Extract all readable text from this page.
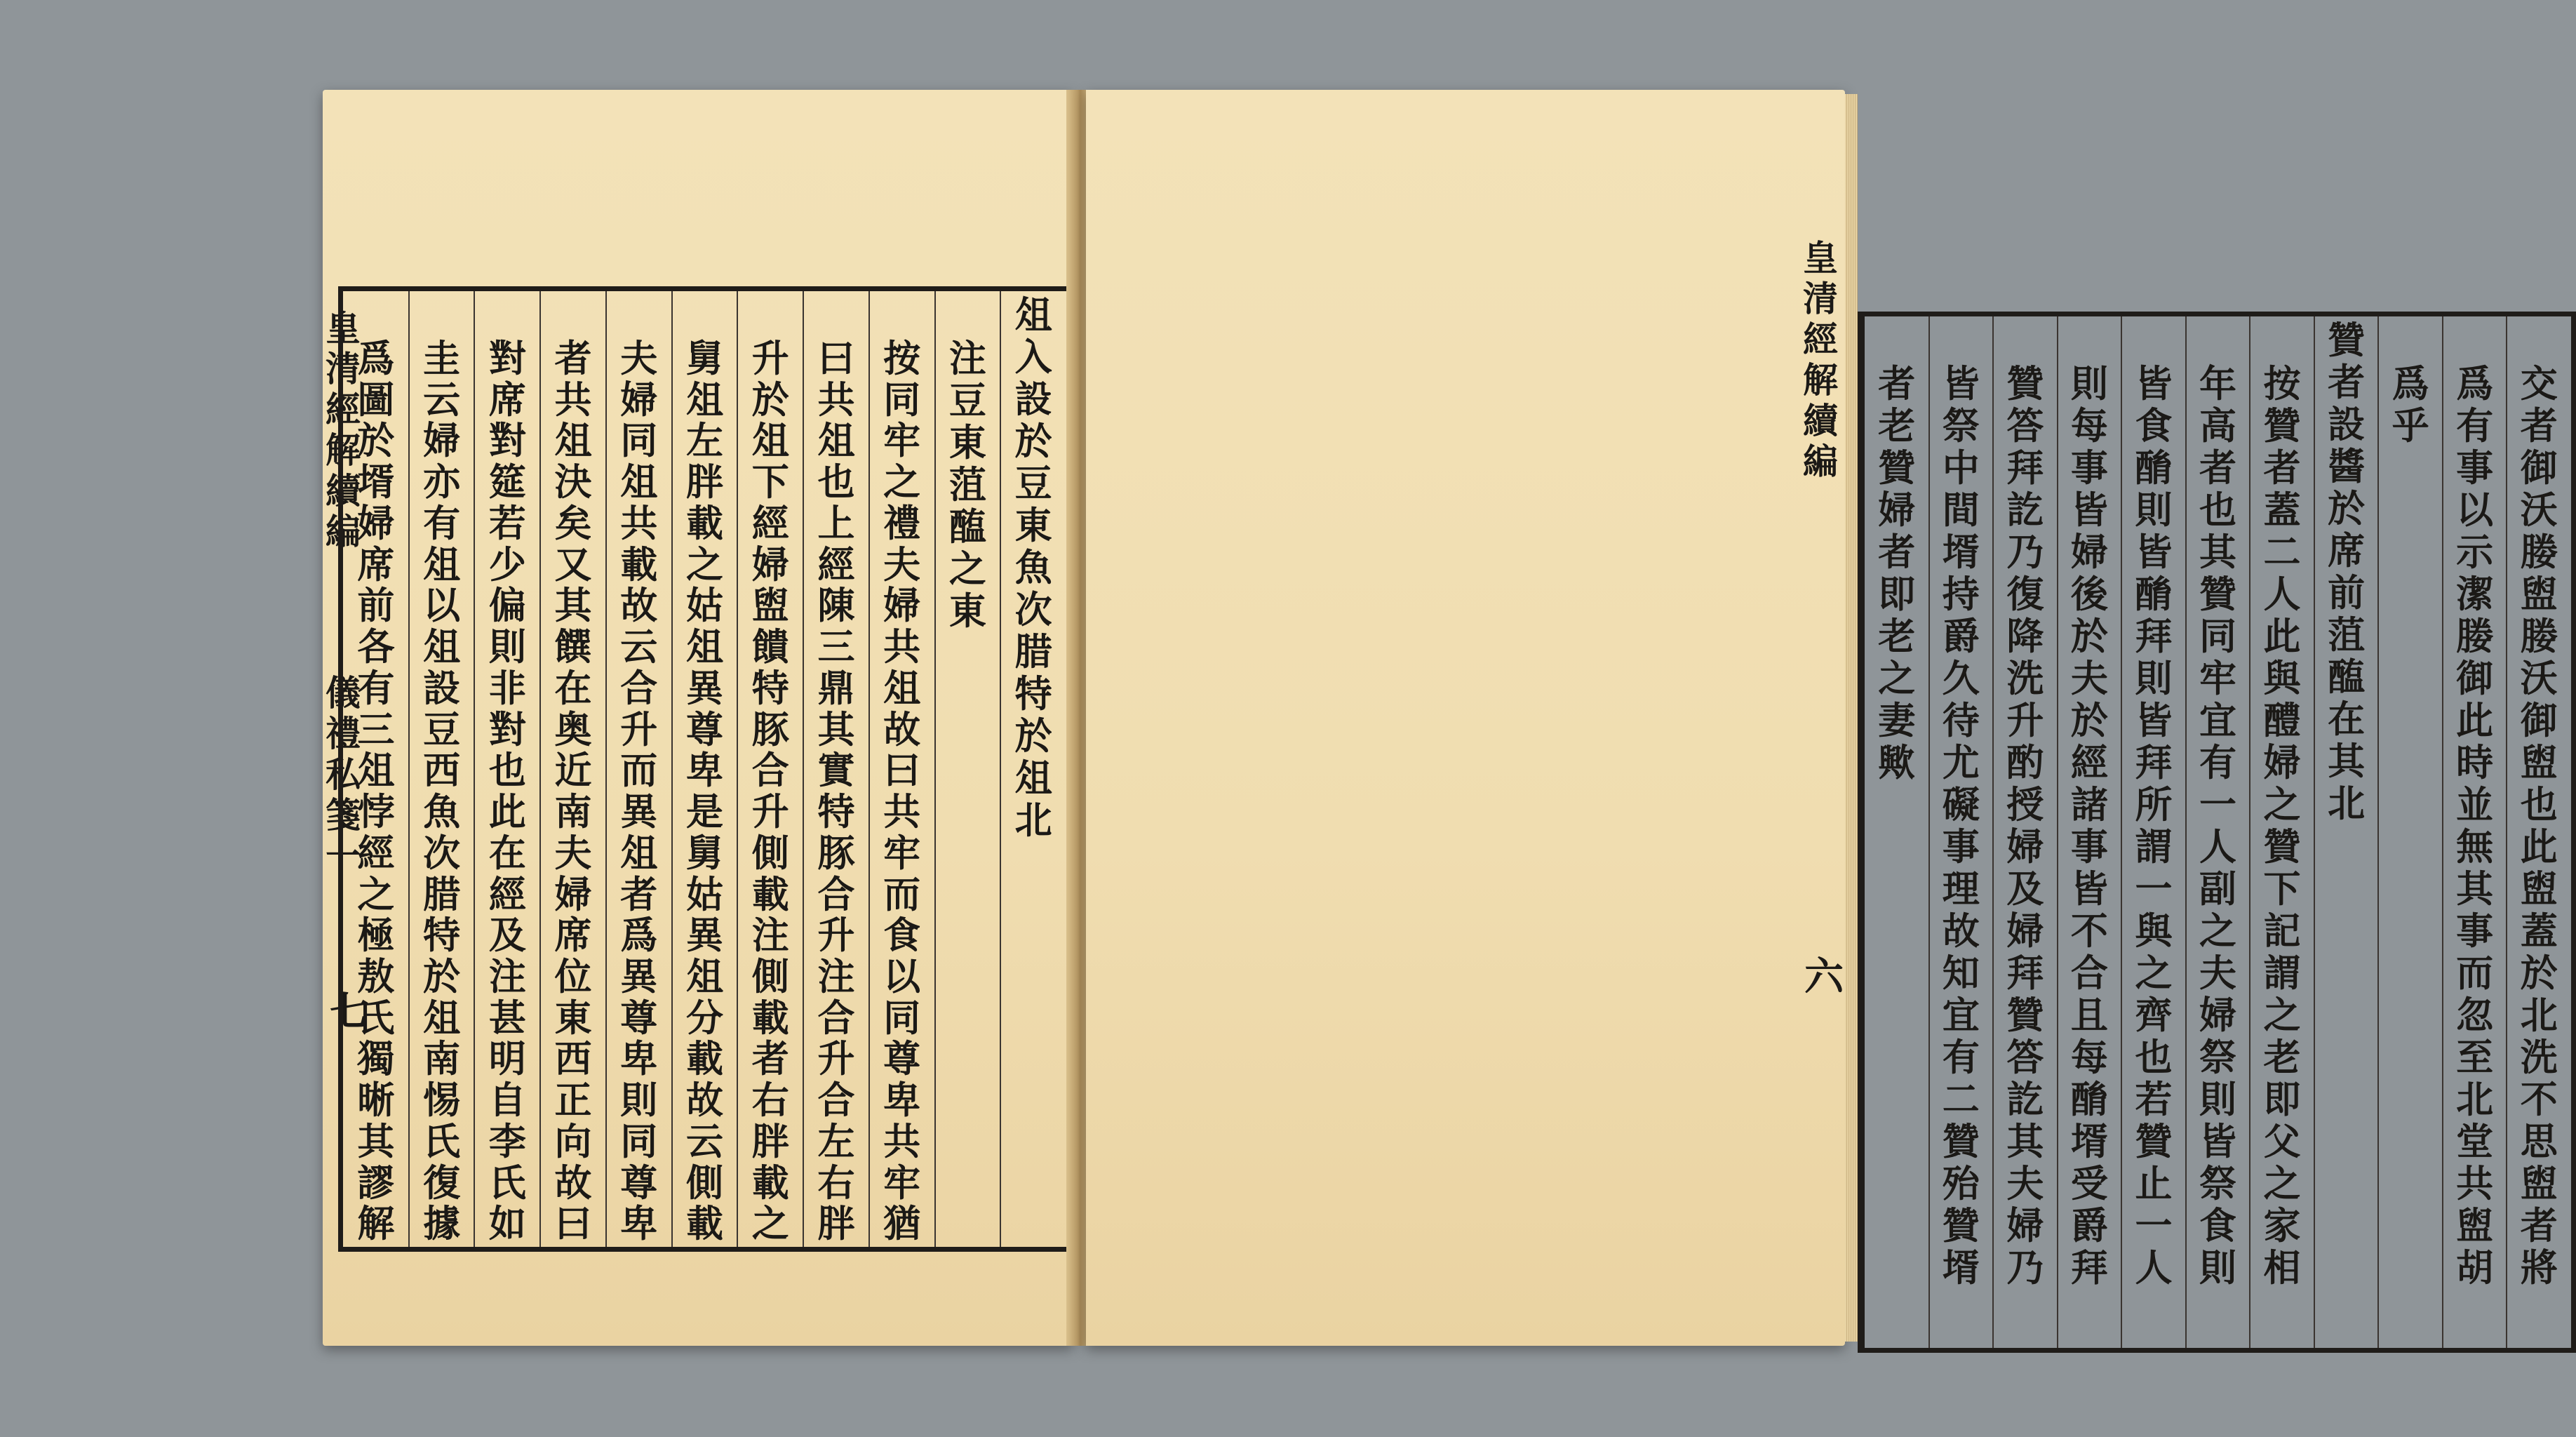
皇
清
經
解
續
編
儀
禮
私
箋
一
七
俎
入
設
於
豆
東
魚
次
腊
特
於
俎
北
注
豆
東
菹
醢
之
東
按
同
牢
之
禮
夫
婦
共
俎
故
曰
共
牢
而
食
以
同
尊
卑
共
牢
猶
曰
共
俎
也
上
經
陳
三
鼎
其
實
特
豚
合
升
注
合
升
合
左
右
胖
升
於
俎
下
經
婦
盥
饋
特
豚
合
升
側
載
注
側
載
者
右
胖
載
之
舅
俎
左
胖
載
之
姑
俎
異
尊
卑
是
舅
姑
異
俎
分
載
故
云
側
載
夫
婦
同
俎
共
載
故
云
合
升
而
異
俎
者
爲
異
尊
卑
則
同
尊
卑
者
共
俎
決
矣
又
其
饌
在
奥
近
南
夫
婦
席
位
東
西
正
向
故
曰
對
席
對
筵
若
少
偏
則
非
對
也
此
在
經
及
注
甚
明
自
李
氏
如
圭
云
婦
亦
有
俎
以
俎
設
豆
西
魚
次
腊
特
於
俎
南
惕
氏
復
據
爲
圖
於
壻
婦
席
前
各
有
三
俎
悖
經
之
極
敖
氏
獨
晰
其
謬
解
交
者
御
沃
媵
盥
媵
沃
御
盥
也
此
盥
蓋
於
北
洗
不
思
盥
者
將
爲
有
事
以
示
潔
媵
御
此
時
並
無
其
事
而
忽
至
北
堂
共
盥
胡
爲
乎
贊
者
設
醬
於
席
前
菹
醢
在
其
北
按
贊
者
蓋
二
人
此
與
醴
婦
之
贊
下
記
謂
之
老
即
父
之
家
相
年
高
者
也
其
贊
同
牢
宜
有
一
人
副
之
夫
婦
祭
則
皆
祭
食
則
皆
食
酳
則
皆
酳
拜
則
皆
拜
所
謂
一
與
之
齊
也
若
贊
止
一
人
則
每
事
皆
婦
後
於
夫
於
經
諸
事
皆
不
合
且
每
酳
壻
受
爵
拜
贊
答
拜
訖
乃
復
降
洗
升
酌
授
婦
及
婦
拜
贊
答
訖
其
夫
婦
乃
皆
祭
中
間
壻
持
爵
久
待
尤
礙
事
理
故
知
宜
有
二
贊
殆
贊
壻
者
老
贊
婦
者
即
老
之
妻
歟
皇
清
經
解
續
編
六
